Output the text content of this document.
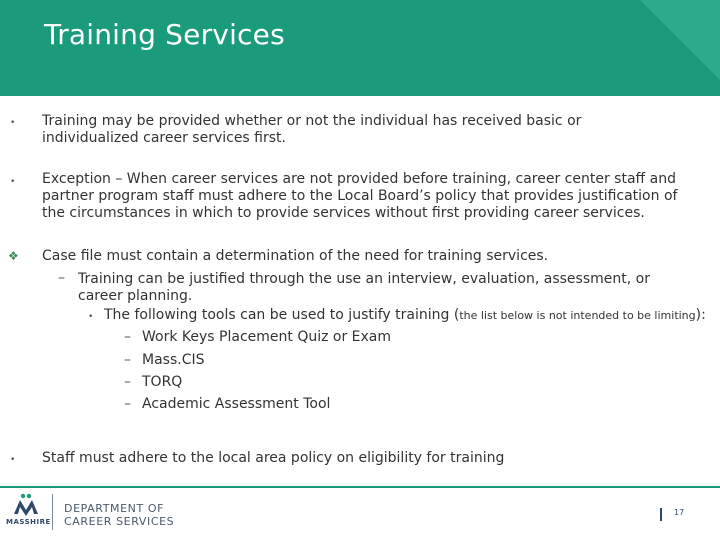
Training Services
• Training may be provided whether or not the individual has received basic or individualized career services first.
• Exception – When career services are not provided before training, career center staff and partner program staff must adhere to the Local Board’s policy that provides justification of the circumstances in which to provide services without first providing career services.
❖ Case file must contain a determination of the need for training services.
– Training can be justified through the use an interview, evaluation, assessment, or career planning.
• The following tools can be used to justify training (the list below is not intended to be limiting):
– Work Keys Placement Quiz or Exam
– Mass.CIS
– TORQ
– Academic Assessment Tool
• Staff must adhere to the local area policy on eligibility for training
MASSHIRE
DEPARTMENT OF
CAREER SERVICES
17
